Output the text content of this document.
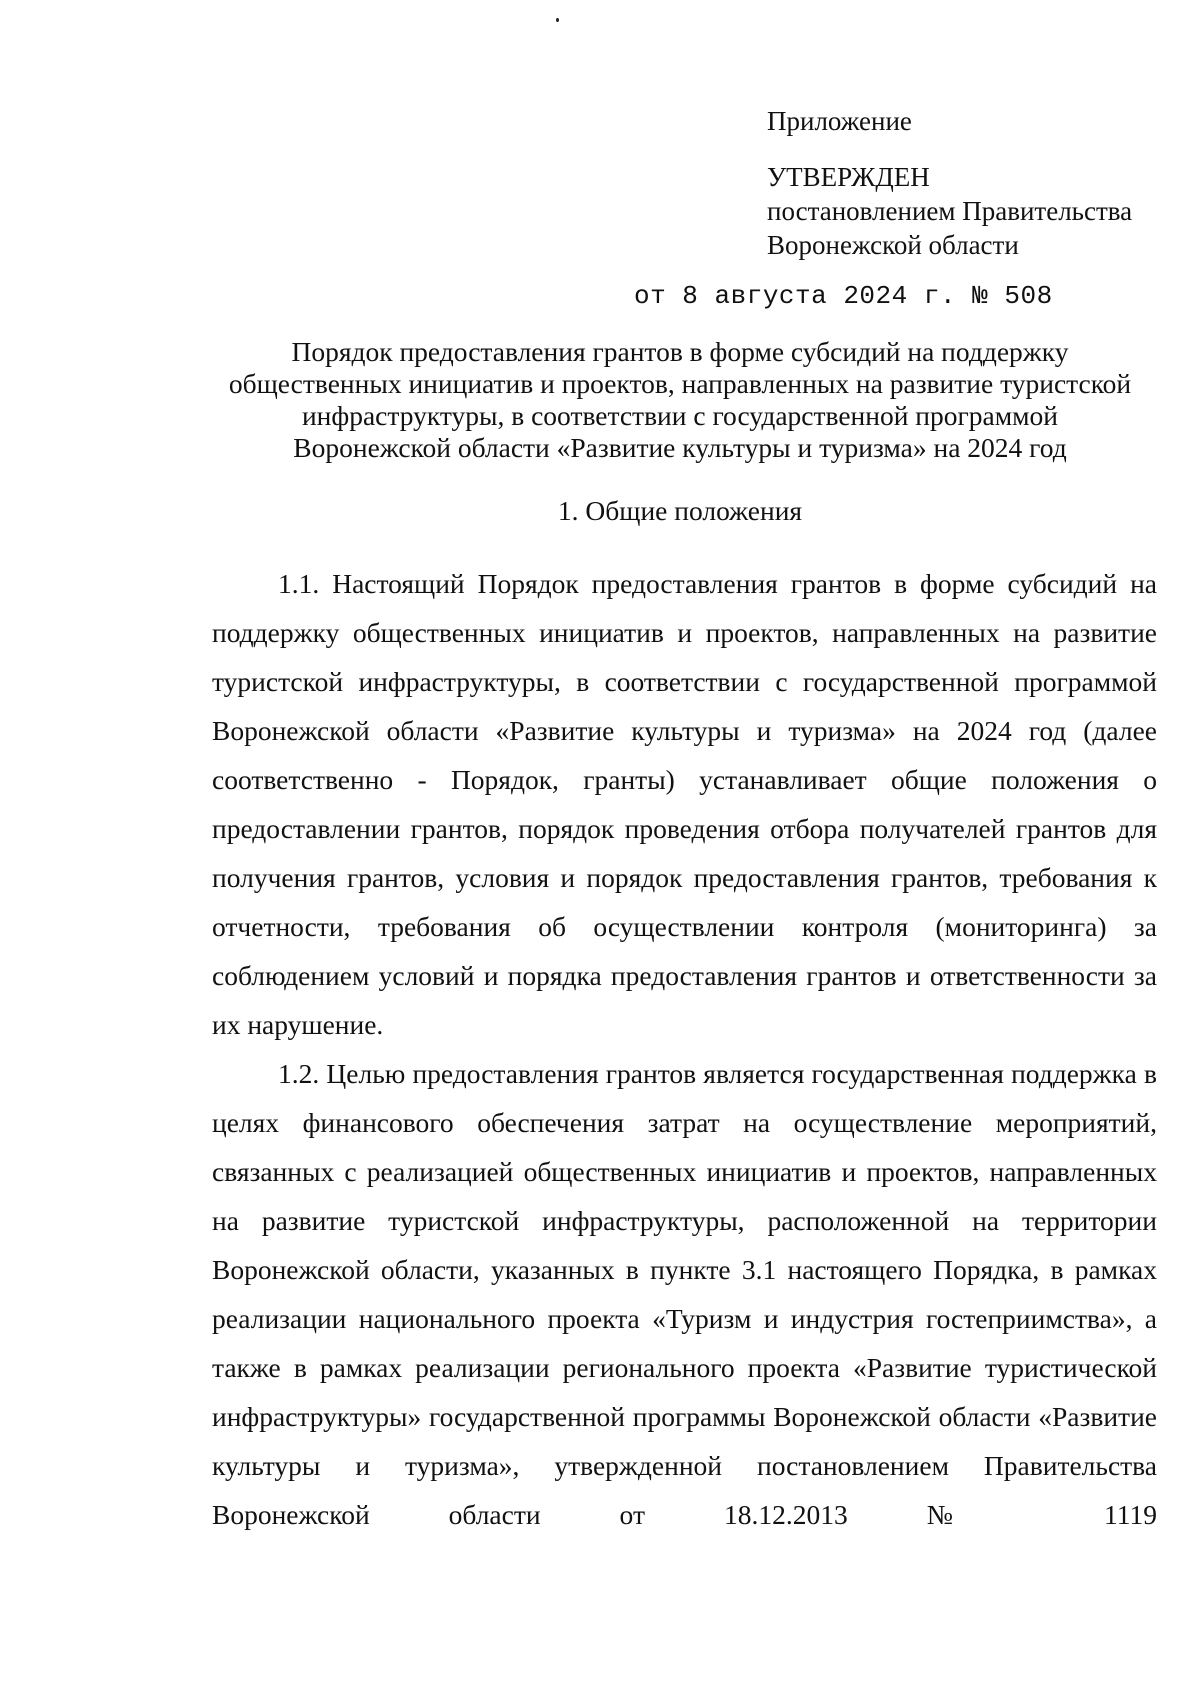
Приложение
УТВЕРЖДЕН
постановлением Правительства
Воронежской области
от 8 августа 2024 г. № 508
Порядок предоставления грантов в форме субсидий на поддержку
общественных инициатив и проектов, направленных на развитие туристской
инфраструктуры, в соответствии с государственной программой
Воронежской области «Развитие культуры и туризма» на 2024 год
1. Общие положения

1.1. Настоящий Порядок предоставления грантов в форме субсидий на поддержку общественных инициатив и проектов, направленных на развитие туристской инфраструктуры, в соответствии с государственной программой Воронежской области «Развитие культуры и туризма» на 2024 год (далее соответственно - Порядок, гранты) устанавливает общие положения о предоставлении грантов, порядок проведения отбора получателей грантов для получения грантов, условия и порядок предоставления грантов, требования к отчетности, требования об осуществлении контроля (мониторинга) за соблюдением условий и порядка предоставления грантов и ответственности за их нарушение.

1.2. Целью предоставления грантов является государственная поддержка в целях финансового обеспечения затрат на осуществление мероприятий, связанных с реализацией общественных инициатив и проектов, направленных на развитие туристской инфраструктуры, расположенной на территории Воронежской области, указанных в пункте 3.1 настоящего Порядка, в рамках реализации национального проекта «Туризм и индустрия гостеприимства», а также в рамках реализации регионального проекта «Развитие туристической инфраструктуры» государственной программы Воронежской области «Развитие культуры и туризма», утвержденной постановлением Правительства Воронежской области от 18.12.2013 № 1119
